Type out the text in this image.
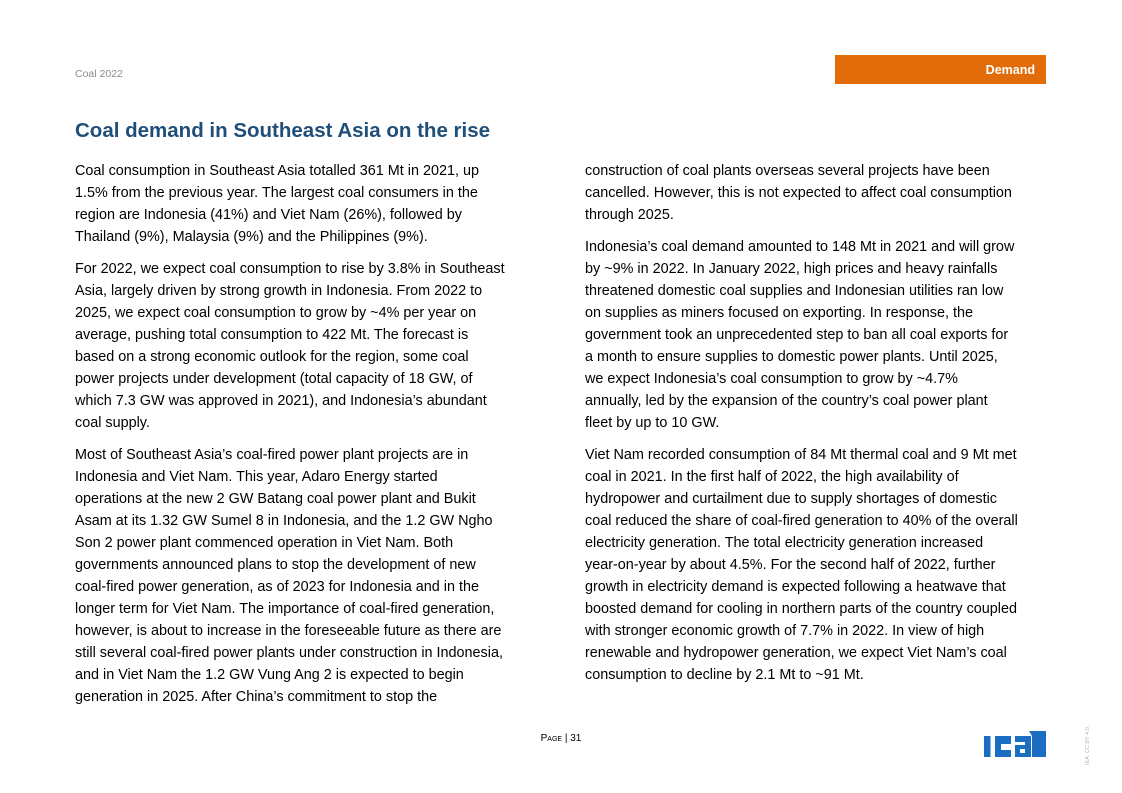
Coal 2022	Demand
Coal demand in Southeast Asia on the rise

Coal consumption in Southeast Asia totalled 361 Mt in 2021, up
1.5% from the previous year. The largest coal consumers in the
region are Indonesia (41%) and Viet Nam (26%), followed by
Thailand (9%), Malaysia (9%) and the Philippines (9%).

For 2022, we expect coal consumption to rise by 3.8% in Southeast
Asia, largely driven by strong growth in Indonesia. From 2022 to
2025, we expect coal consumption to grow by ~4% per year on
average, pushing total consumption to 422 Mt. The forecast is
based on a strong economic outlook for the region, some coal
power projects under development (total capacity of 18 GW, of
which 7.3 GW was approved in 2021), and Indonesia’s abundant
coal supply.

Most of Southeast Asia’s coal-fired power plant projects are in
Indonesia and Viet Nam. This year, Adaro Energy started
operations at the new 2 GW Batang coal power plant and Bukit
Asam at its 1.32 GW Sumel 8 in Indonesia, and the 1.2 GW Ngho
Son 2 power plant commenced operation in Viet Nam. Both
governments announced plans to stop the development of new
coal-fired power generation, as of 2023 for Indonesia and in the
longer term for Viet Nam. The importance of coal-fired generation,
however, is about to increase in the foreseeable future as there are
still several coal-fired power plants under construction in Indonesia,
and in Viet Nam the 1.2 GW Vung Ang 2 is expected to begin
generation in 2025. After China’s commitment to stop the

construction of coal plants overseas several projects have been
cancelled. However, this is not expected to affect coal consumption
through 2025.

Indonesia’s coal demand amounted to 148 Mt in 2021 and will grow
by ~9% in 2022. In January 2022, high prices and heavy rainfalls
threatened domestic coal supplies and Indonesian utilities ran low
on supplies as miners focused on exporting. In response, the
government took an unprecedented step to ban all coal exports for
a month to ensure supplies to domestic power plants. Until 2025,
we expect Indonesia’s coal consumption to grow by ~4.7%
annually, led by the expansion of the country’s coal power plant
fleet by up to 10 GW.

Viet Nam recorded consumption of 84 Mt thermal coal and 9 Mt met
coal in 2021. In the first half of 2022, the high availability of
hydropower and curtailment due to supply shortages of domestic
coal reduced the share of coal-fired generation to 40% of the overall
electricity generation. The total electricity generation increased
year-on-year by about 4.5%. For the second half of 2022, further
growth in electricity demand is expected following a heatwave that
boosted demand for cooling in northern parts of the country coupled
with stronger economic growth of 7.7% in 2022. In view of high
renewable and hydropower generation, we expect Viet Nam’s coal
consumption to decline by 2.1 Mt to ~91 Mt.

Page | 31	IEA. CC BY 4.0.
